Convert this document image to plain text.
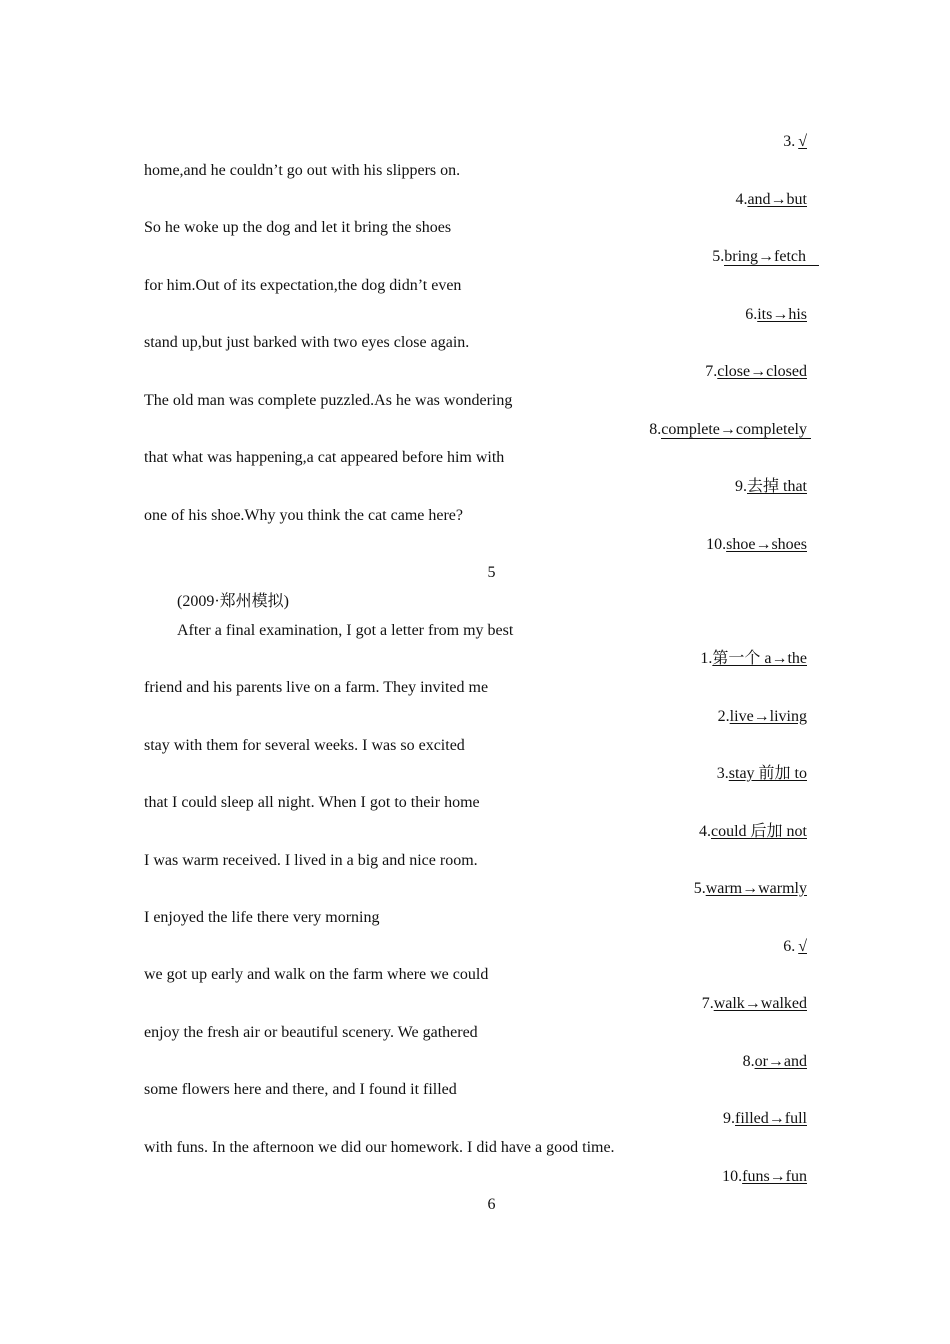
3. √
home,and he couldn’t go out with his slippers on.
4.and→but
So he woke up the dog and let it bring the shoes
5.bring→fetch
for him.Out of its expectation,the dog didn’t even
6.its→his
stand up,but just barked with two eyes close again.
7.close→closed
The old man was complete puzzled.As he was wondering
8.complete→completely
that what was happening,a cat appeared before him with
9.去掉 that
one of his shoe.Why you think the cat came here?
10.shoe→shoes
5
(2009·郑州模拟)
After a final examination, I got a letter from my best
1.第一个 a→the
friend and his parents live on a farm. They invited me
2.live→living
stay with them for several weeks. I was so excited
3.stay 前加 to
that I could sleep all night. When I got to their home
4.could 后加 not
I was warm received. I lived in a big and nice room.
5.warm→warmly
I enjoyed the life there very morning
6. √
we got up early and walk on the farm where we could
7.walk→walked
enjoy the fresh air or beautiful scenery. We gathered
8.or→and
some flowers here and there, and I found it filled
9.filled→full
with funs. In the afternoon we did our homework. I did have a good time.
10.funs→fun
6
